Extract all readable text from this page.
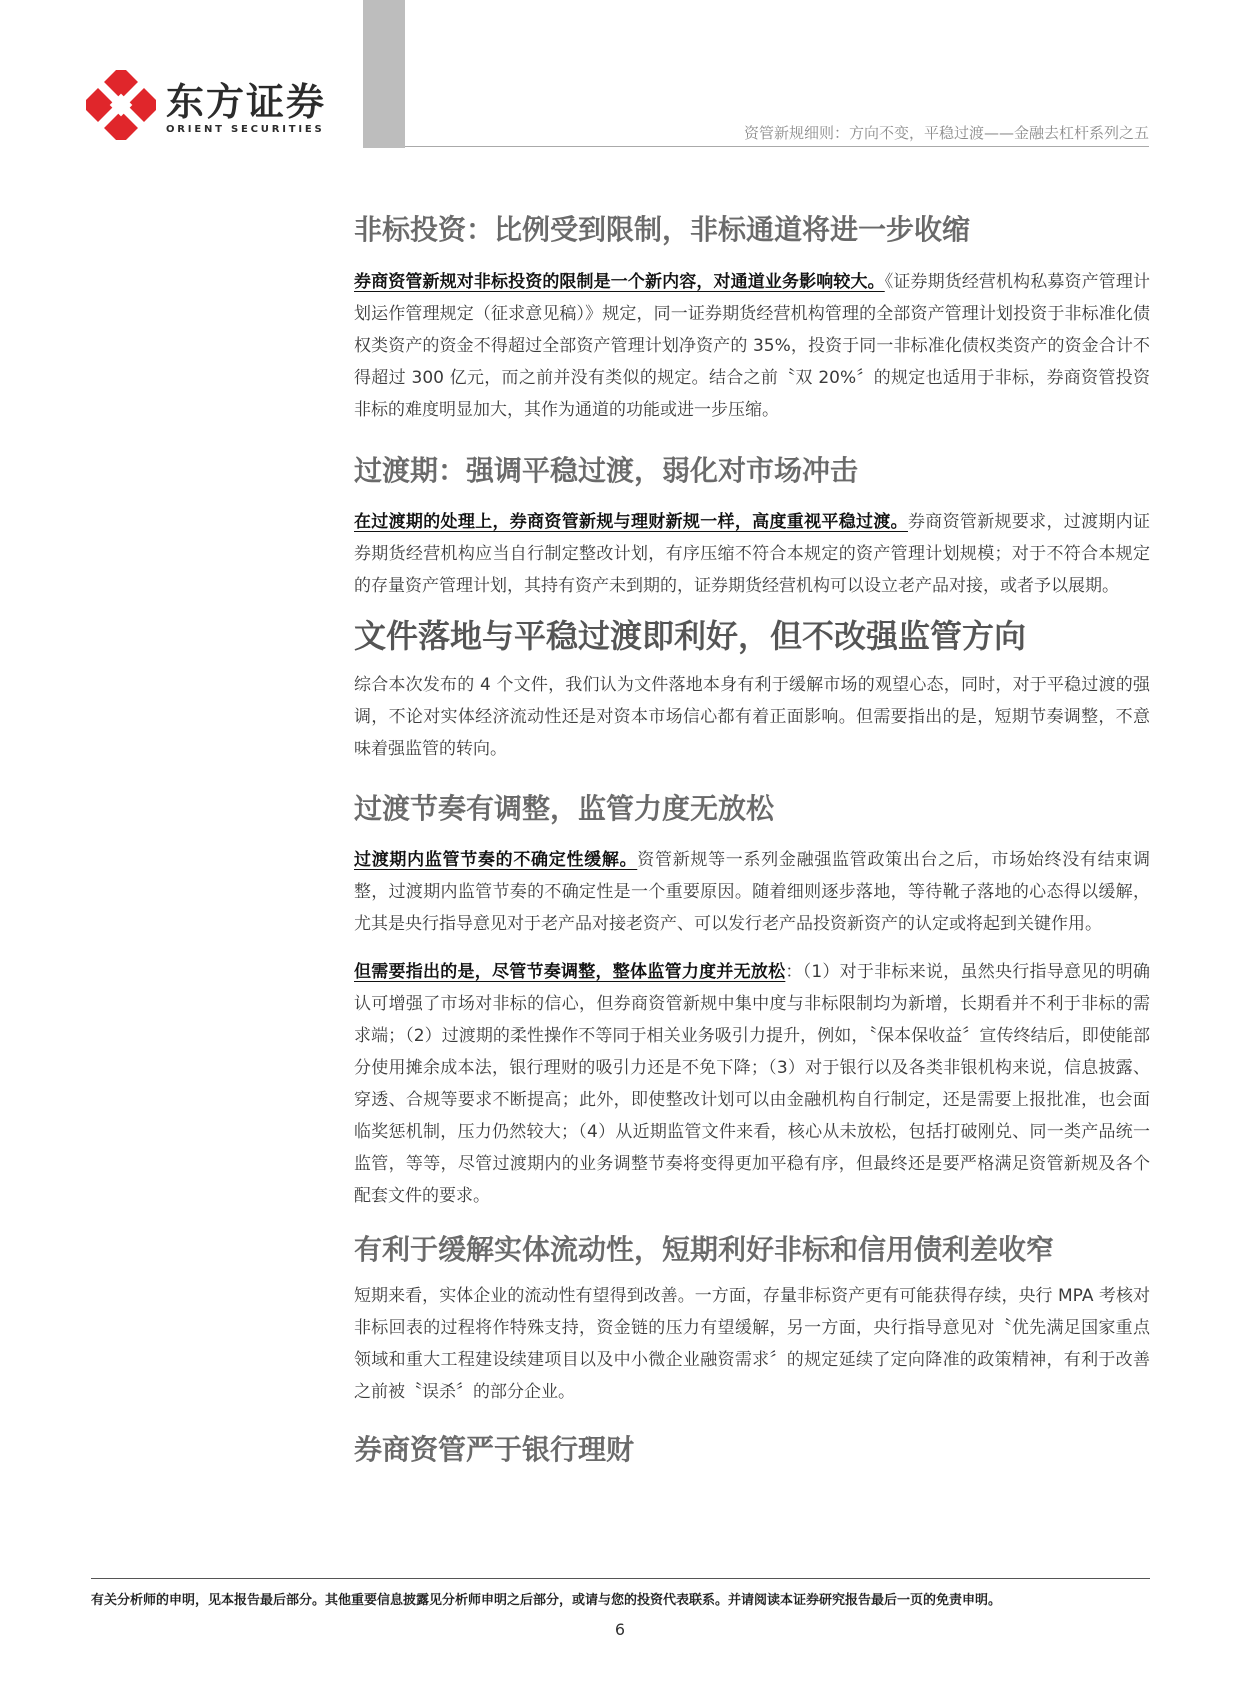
东方证券
ORIENT SECURITIES	资管新规细则：方向不变，平稳过渡——金融去杠杆系列之五
非标投资：比例受到限制，非标通道将进一步收缩

券商资管新规对非标投资的限制是一个新内容，对通道业务影响较大。《证券期货经营机构私募资产管理计划运作管理规定（征求意见稿）》规定，同一证券期货经营机构管理的全部资产管理计划投资于非标准化债权类资产的资金不得超过全部资产管理计划净资产的 35%，投资于同一非标准化债权类资产的资金合计不得超过 300 亿元，而之前并没有类似的规定。结合之前〝双 20%〞的规定也适用于非标，券商资管投资非标的难度明显加大，其作为通道的功能或进一步压缩。

过渡期：强调平稳过渡，弱化对市场冲击

在过渡期的处理上，券商资管新规与理财新规一样，高度重视平稳过渡。券商资管新规要求，过渡期内证券期货经营机构应当自行制定整改计划，有序压缩不符合本规定的资产管理计划规模；对于不符合本规定的存量资产管理计划，其持有资产未到期的，证券期货经营机构可以设立老产品对接，或者予以展期。

文件落地与平稳过渡即利好，但不改强监管方向

综合本次发布的 4 个文件，我们认为文件落地本身有利于缓解市场的观望心态，同时，对于平稳过渡的强调，不论对实体经济流动性还是对资本市场信心都有着正面影响。但需要指出的是，短期节奏调整，不意味着强监管的转向。

过渡节奏有调整，监管力度无放松

过渡期内监管节奏的不确定性缓解。资管新规等一系列金融强监管政策出台之后，市场始终没有结束调整，过渡期内监管节奏的不确定性是一个重要原因。随着细则逐步落地，等待靴子落地的心态得以缓解，尤其是央行指导意见对于老产品对接老资产、可以发行老产品投资新资产的认定或将起到关键作用。

但需要指出的是，尽管节奏调整，整体监管力度并无放松：（1）对于非标来说，虽然央行指导意见的明确认可增强了市场对非标的信心，但券商资管新规中集中度与非标限制均为新增，长期看并不利于非标的需求端；（2）过渡期的柔性操作不等同于相关业务吸引力提升，例如，〝保本保收益〞宣传终结后，即使能部分使用摊余成本法，银行理财的吸引力还是不免下降；（3）对于银行以及各类非银机构来说，信息披露、穿透、合规等要求不断提高；此外，即使整改计划可以由金融机构自行制定，还是需要上报批准，也会面临奖惩机制，压力仍然较大；（4）从近期监管文件来看，核心从未放松，包括打破刚兑、同一类产品统一监管，等等，尽管过渡期内的业务调整节奏将变得更加平稳有序，但最终还是要严格满足资管新规及各个配套文件的要求。

有利于缓解实体流动性，短期利好非标和信用债利差收窄

短期来看，实体企业的流动性有望得到改善。一方面，存量非标资产更有可能获得存续，央行 MPA 考核对非标回表的过程将作特殊支持，资金链的压力有望缓解，另一方面，央行指导意见对〝优先满足国家重点领域和重大工程建设续建项目以及中小微企业融资需求〞的规定延续了定向降准的政策精神，有利于改善之前被〝误杀〞的部分企业。

券商资管严于银行理财
有关分析师的申明，见本报告最后部分。其他重要信息披露见分析师申明之后部分，或请与您的投资代表联系。并请阅读本证券研究报告最后一页的免责申明。
6
